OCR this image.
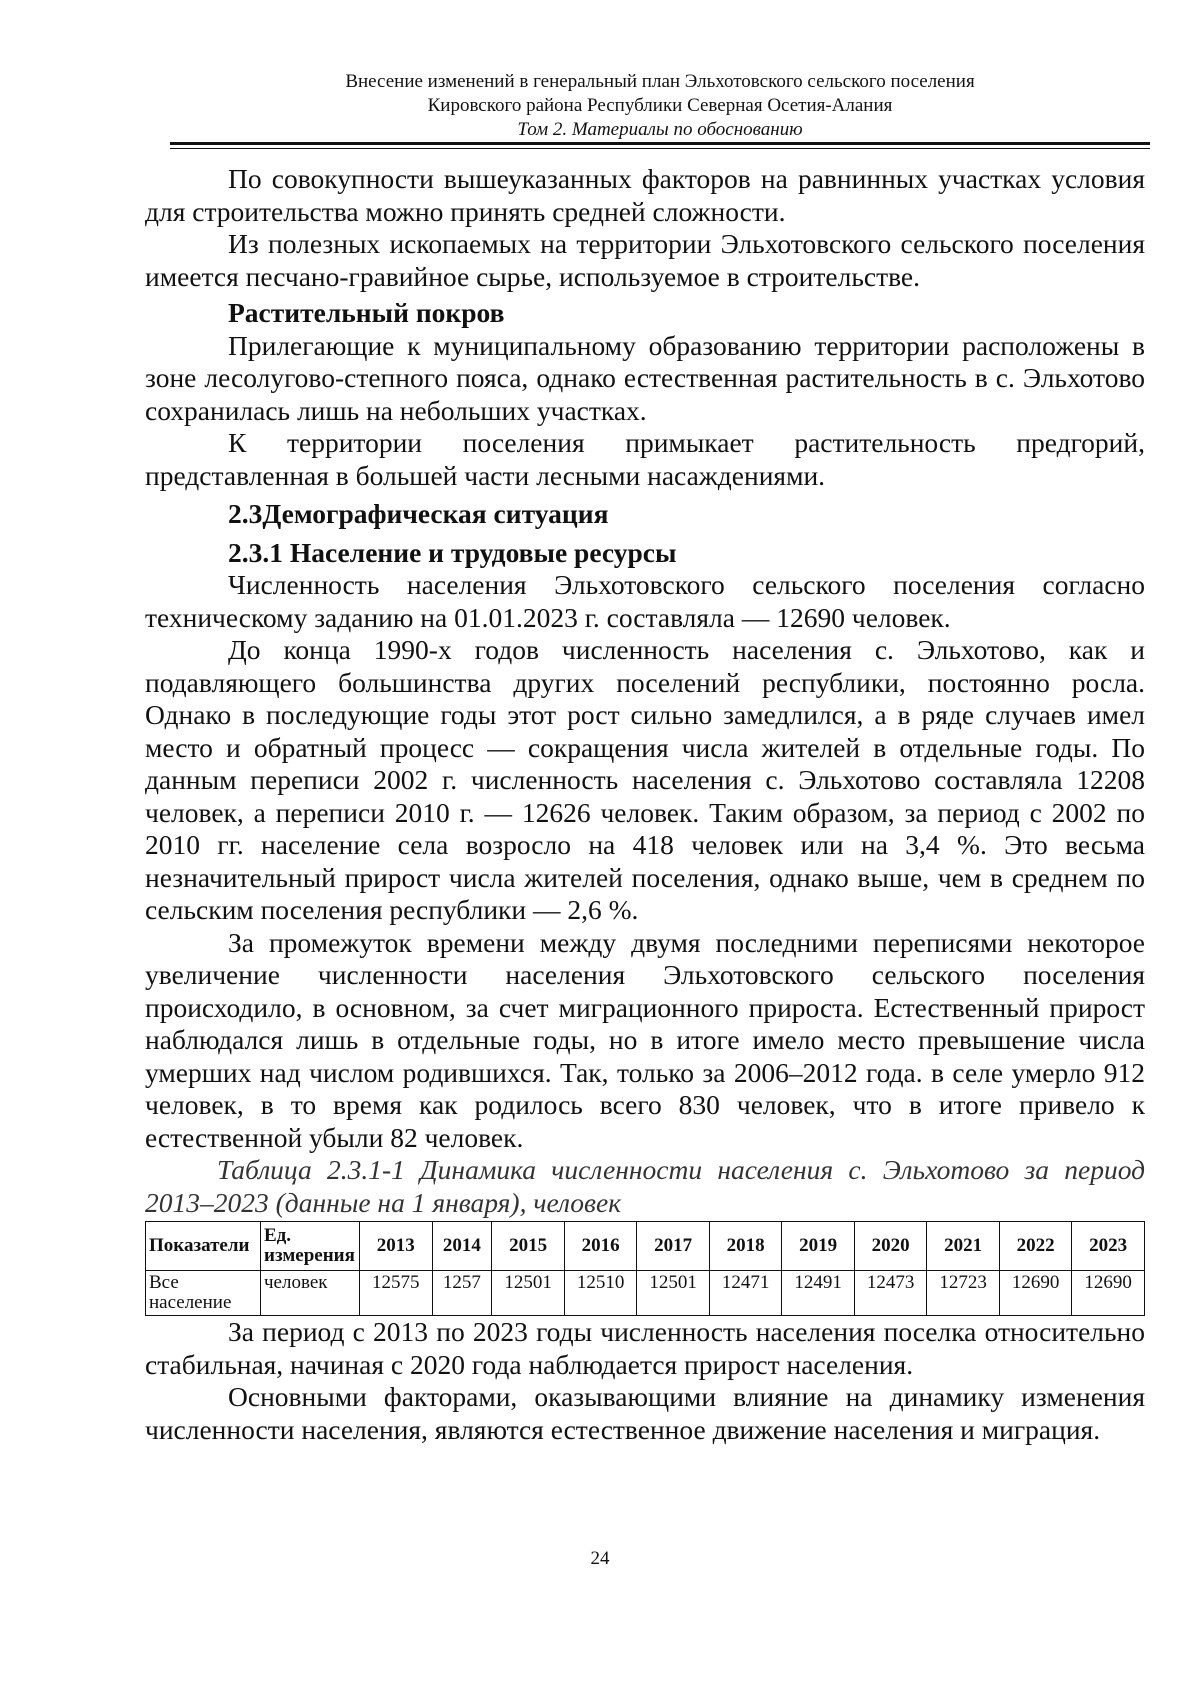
Внесение изменений в генеральный план Эльхотовского сельского поселения
Кировского района Республики Северная Осетия-Алания
Том 2. Материалы по обоснованию

По совокупности вышеуказанных факторов на равнинных участках условия для строительства можно принять средней сложности.

Из полезных ископаемых на территории Эльхотовского сельского поселения имеется песчано-гравийное сырье, используемое в строительстве.

Растительный покров

Прилегающие к муниципальному образованию территории расположены в зоне лесолугово-степного пояса, однако естественная растительность в с. Эльхотово сохранилась лишь на небольших участках.

К территории поселения примыкает растительность предгорий, представленная в большей части лесными насаждениями.

2.3Демографическая ситуация
2.3.1 Население и трудовые ресурсы

Численность населения Эльхотовского сельского поселения согласно техническому заданию на 01.01.2023 г. составляла — 12690 человек.

До конца 1990-х годов численность населения с. Эльхотово, как и подавляющего большинства других поселений республики, постоянно росла. Однако в последующие годы этот рост сильно замедлился, а в ряде случаев имел место и обратный процесс — сокращения числа жителей в отдельные годы. По данным переписи 2002 г. численность населения с. Эльхотово составляла 12208 человек, а переписи 2010 г. — 12626 человек. Таким образом, за период с 2002 по 2010 гг. население села возросло на 418 человек или на 3,4 %. Это весьма незначительный прирост числа жителей поселения, однако выше, чем в среднем по сельским поселения республики — 2,6 %.

За промежуток времени между двумя последними переписями некоторое увеличение численности населения Эльхотовского сельского поселения происходило, в основном, за счет миграционного прироста. Естественный прирост наблюдался лишь в отдельные годы, но в итоге имело место превышение числа умерших над числом родившихся. Так, только за 2006–2012 года. в селе умерло 912 человек, в то время как родилось всего 830 человек, что в итоге привело к естественной убыли 82 человек.

Таблица 2.3.1-1 Динамика численности населения с. Эльхотово за период 2013–2023 (данные на 1 января), человек

Показатели	Ед. измерения	2013	2014	2015	2016	2017	2018	2019	2020	2021	2022	2023
Все население	человек	12575	1257	12501	12510	12501	12471	12491	12473	12723	12690	12690

За период с 2013 по 2023 годы численность населения поселка относительно стабильная, начиная с 2020 года наблюдается прирост населения.

Основными факторами, оказывающими влияние на динамику изменения численности населения, являются естественное движение населения и миграция.

24
